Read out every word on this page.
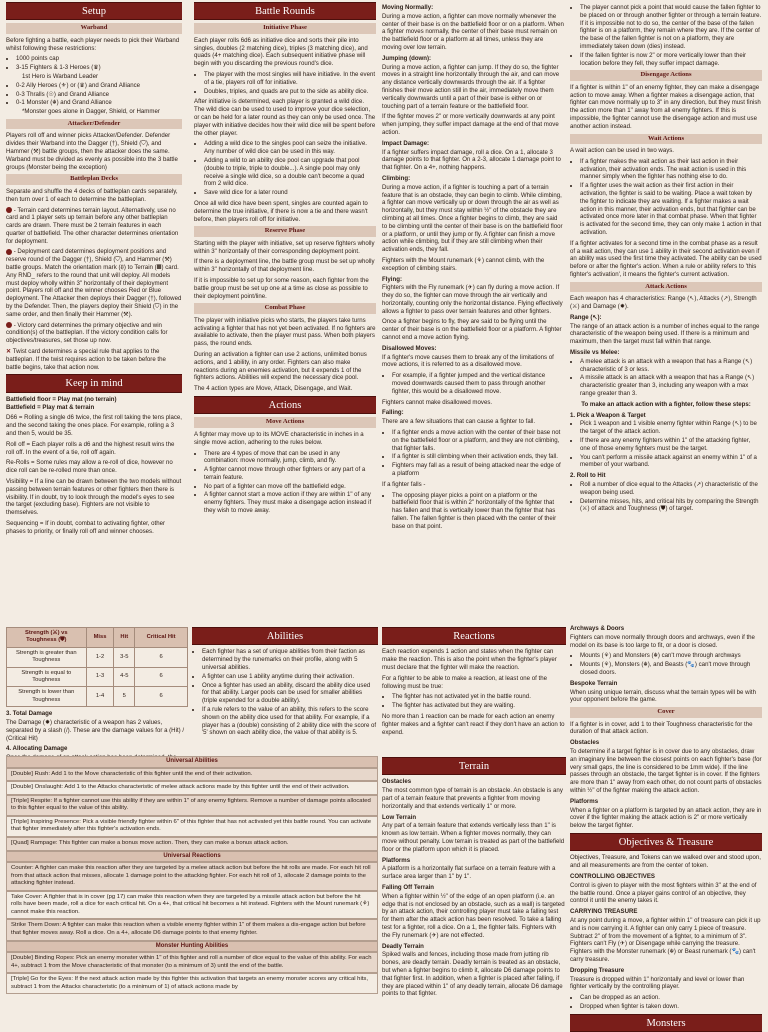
Setup
Warband

Before fighting a battle, each player needs to pick their Warband whilst following these restrictions:

• 1000 points cap
• 3-15 Fighters & 1-3 Heroes (♛)
1st Hero is Warband Leader
• 0-2 Ally Heroes (⚜) or (♛) and Grand Alliance
• 0-3 Thralls (☉) and Grand Alliance
• 0-1 Monster (☬) and Grand Alliance
*Monster goes alone in Dagger, Shield, or Hammer
Attacker/Defender

Players roll off and winner picks Attacker/Defender. Defender divides their Warband into the Dagger (†), Shield (⛉), and Hammer (⚒) battle groups, then the attacker does the same. Warband must be divided as evenly as possible into the 3 battle groups (Monster being the exception)

Battleplan Decks

Separate and shuffle the 4 decks of battleplan cards separately, then turn over 1 of each to determine the battleplan.

- Terrain card determines terrain layout. Alternatively, use no card and 1 player sets up terrain before any other battleplan cards are drawn. There must be 2 terrain features in each quarter of battlefield. The other character determines orientation for deployment.

- Deployment card determines deployment positions and reserve round of the Dagger (†), Shield (⛉), and Hammer (⚒) battle groups. Match the orientation mark (⇩) to Terrain (▦) card. Any RND_ refers to the round that unit will deploy. All models must deploy wholly within 3" horizontally of their deployment point. Players roll off and the winner chooses Red or Blue deployment. The Attacker then deploys their Dagger (†), followed by the Defender. Then, the players deploy their Shield (⛉) in the same order, and then finally their Hammer (⚒).

- Victory card determines the primary objective and win condition(s) of the battleplan. If the victory condition calls for objectives/treasures, set those up now.

✕ Twist card determines a special rule that applies to the battleplan. If the twist requires action to be taken before the battle begins, take that action now.

Keep in mind

Battlefield floor = Play mat (no terrain)

Battlefield = Play mat & terrain

D66 = Rolling a single d6 twice, the first roll taking the tens place, and the second taking the ones place. For example, rolling a 3 and then 5, would be 35.

Roll off = Each player rolls a d6 and the highest result wins the roll off. In the event of a tie, roll off again.

Re-Rolls = Some rules may allow a re-roll of dice, however no dice roll can be re-rolled more than once.

Visibility = If a line can be drawn between the two models without passing between terrain features or other fighters then there is visibility. If in doubt, try to look through the model's eyes to see the target (excluding base). Fighters are not visible to themselves.

Sequencing = If in doubt, combat to activating fighter, other phases to priority, or finally roll off and winner chooses.

Battle Rounds
Initiative Phase

Each player rolls 6d6 as initiative dice and sorts their pile into singles, doubles (2 matching dice), triples (3 matching dice), and quads (4+ matching dice). Each subsequent initiative phase will begin with you discarding the previous round's dice.

• The player with the most singles will have initiative. In the event of a tie, players roll off for initiative.
• Doubles, triples, and quads are put to the side as ability dice.

After initiative is determined, each player is granted a wild dice. The wild dice can be used to used to improve your dice selection, or can be held for a later round as they can only be used once. The player with initiative decides how their wild dice will be spent before the other player.

• Adding a wild dice to the singles pool can seize the initiative. Any number of wild dice can be used in this way.
• Adding a wild to an ability dice pool can upgrade that pool (double to triple, triple to double...). A single pool may only receive a single wild dice, so a double can't become a quad from 2 wild dice.
• Save wild dice for a later round

Once all wild dice have been spent, singles are counted again to determine the true initiative, if there is now a tie and there wasn't before, then players roll off for initiative.

Reserve Phase

Starting with the player with initiative, set up reserve fighters wholly within 3" horizontally of their corresponding deployment point.

If there is a deployment line, the battle group must be set up wholly within 3" horizontally of that deployment line.

If it is impossible to set up for some reason, each fighter from the battle group must be set up one at a time as close as possible to their deployment point/line.

Combat Phase

The player with initiative picks who starts, the players take turns activating a fighter that has not yet been activated. If no fighters are available to activate, then the player must pass. When both players pass, the round ends.

During an activation a fighter can use 2 actions, unlimited bonus actions, and 1 ability, in any order. Fighters can also make reactions during an enemies activation, but it expends 1 of the fighters actions. Abilities will expend the necessary dice pool.

The 4 action types are Move, Attack, Disengage, and Wait.

Actions
Move Actions

A fighter may move up to its MOVE characteristic in inches in a single move action, adhering to the rules below.

• There are 4 types of move that can be used in any combination: move normally, jump, climb, and fly.
• A fighter cannot move through other fighters or any part of a terrain feature.
• No part of a fighter can move off the battlefield edge.
• A fighter cannot start a move action if they are within 1" of any enemy fighters. They must make a disengage action instead if they wish to move away.
Moving Normally:

During a move action, a fighter can move normally whenever the center of their base is on the battlefield floor or on a platform. When a fighter moves normally, the center of their base must remain on the battlefield floor or a platform at all times, unless they are moving over low terrain.

Jumping (down):

During a move action, a fighter can jump. If they do so, the fighter moves in a straight line horizontally through the air, and can move any distance vertically downwards through the air. If a fighter finishes their move action still in the air, immediately move them vertically downwards until a part of their base is either on or touching part of a terrain feature or the battlefield floor.

If the fighter moves 2" or more vertically downwards at any point when jumping, they suffer impact damage at the end of that move action.

Impact Damage:

If a fighter suffers impact damage, roll a dice. On a 1, allocate 3 damage points to that fighter. On a 2-3, allocate 1 damage point to that fighter. On a 4+, nothing happens.

Climbing:

During a move action, if a fighter is touching a part of a terrain feature that is an obstacle, they can begin to climb. While climbing, a fighter can move vertically up or down through the air as well as horizontally, but they must stay within ½" of the obstacle they are climbing at all times. Once a fighter begins to climb, they are said to be climbing until the center of their base is on the battlefield floor or a platform, or until they jump or fly. A fighter can finish a move action while climbing, but if they are still climbing when their activation ends, they fall.

Fighters with the Mount runemark (⚘) cannot climb, with the exception of climbing stairs.

Flying:

Fighters with the Fly runemark (✈) can fly during a move action. If they do so, the fighter can move through the air vertically and horizontally, counting only the horizontal distance. Flying effectively allows a fighter to pass over terrain features and other fighters.

Once a fighter begins to fly, they are said to be flying until the center of their base is on the battlefield floor or a platform. A fighter cannot end a move action flying.

Disallowed Moves:

If a fighter's move causes them to break any of the limitations of move actions, it is referred to as a disallowed move.

• For example, if a fighter jumped and the vertical distance moved downwards caused them to pass through another fighter, this would be a disallowed move.

Fighters cannot make disallowed moves.

Falling:

There are a few situations that can cause a fighter to fall.

• If a fighter ends a move action with the center of their base not on the battlefield floor or a platform, and they are not climbing, that fighter falls.
• If a fighter is still climbing when their activation ends, they fall.
• Fighters may fall as a result of being attacked near the edge of a platform

If a fighter falls -

• The opposing player picks a point on a platform or the battlefield floor that is within 2" horizontally of the fighter that has fallen and that is vertically lower than the fighter that has fallen. The fallen fighter is then placed with the center of their base on that point.
• The player cannot pick a point that would cause the fallen fighter to be placed on or through another fighter or through a terrain feature. If it is impossible not to do so, the center of the base of the fallen fighter is on a platform, they remain where they are. If the center of the base of the fallen fighter is not on a platform, they are immediately taken down (dies) instead.
• If the fallen fighter is now 2" or more vertically lower than their location before they fell, they suffer impact damage.
Disengage Actions

If a fighter is within 1" of an enemy fighter, they can make a disengage action to move away. When a fighter makes a disengage action, that fighter can move normally up to 3" in any direction, but they must finish the action more than 1" away from all enemy fighters. If this is impossible, the fighter cannot use the disengage action and must use another action instead.

Wait Actions

A wait action can be used in two ways.

• If a fighter makes the wait action as their last action in their activation, their activation ends. The wait action is used in this manner simply when the fighter has nothing else to do.
• If a fighter uses the wait action as their first action in their activation, the fighter is said to be waiting. Place a wait token by the fighter to indicate they are waiting. If a fighter makes a wait action in this manner, their activation ends, but that fighter can be activated once more later in that combat phase. When that fighter is activated for the second time, they can only make 1 action in that activation.

If a fighter activates for a second time in the combat phase as a result of a wait action, they can use 1 ability in their second activation even if an ability was used the first time they activated. The ability can be used before or after the fighter's action. When a rule or ability refers to 'this fighter's activation', it means the fighter's current activation.

Attack Actions

Each weapon has 4 characteristics: Range (↖), Attacks (↗), Strength (⚔) and Damage (✸).

Range (↖):

The range of an attack action is a number of inches equal to the range characteristic of the weapon being used. If there is a minimum and maximum, then the target must fall within that range.

Missile vs Melee:
• A melee attack is an attack with a weapon that has a Range (↖) characteristic of 3 or less.
• A missile attack is an attack with a weapon that has a Range (↖) characteristic greater than 3, including any weapon with a max range greater than 3.
To make an attack action with a fighter, follow these steps:
1. Pick a Weapon & Target
• Pick 1 weapon and 1 visible enemy fighter within Range (↖) to be the target of the attack action.
• If there are any enemy fighters within 1" of the attacking fighter, one of those enemy fighters must be the target.
• You can't perform a missile attack against an enemy within 1" of a member of your warband.
2. Roll to Hit
• Roll a number of dice equal to the Attacks (↗) characteristic of the weapon being used.
• Determine misses, hits, and critical hits by comparing the Strength (⚔) of attack and Toughness (⛊) of target.
Strength (⚔) vs Toughness (⛊)	Miss	Hit	Critical Hit
Strength is greater than Toughness	1-2	3-5	6
Strength is equal to Toughness	1-3	4-5	6
Strength is lower than Toughness	1-4	5	6
3. Total Damage

The Damage (✸) characteristic of a weapon has 2 values, separated by a slash (/). These are the damage values for a (Hit) / (Critical Hit)

4. Allocating Damage

Abilities
• Each fighter has a set of unique abilities from their faction as determined by the runemarks on their profile, along with 5 universal abilities.
• A fighter can use 1 ability anytime during their activation.
• Once a fighter has used an ability, discard the ability dice used for that ability. Larger pools can be used for smaller abilities (triple expended for a double ability).
• If a rule refers to the value of an ability, this refers to the score shown on the ability dice used for that ability. For example, if a player has a (double) consisting of 2 ability dice with the score of '5' shown on each ability dice, the value of that ability is 5.
Reactions

Each reaction expends 1 action and states when the fighter can make the reaction. This is also the point when the fighter's player must declare that the fighter will make the reaction.

For a fighter to be able to make a reaction, at least one of the following must be true:

• The fighter has not activated yet in the battle round.
• The fighter has activated but they are waiting.

No more than 1 reaction can be made for each action an enemy fighter makes and a fighter can't react if they don't have an action to expend.

Universal Abilities
[Double] Rush: Add 1 to the Move characteristic of this fighter until the end of their activation.
[Double] Onslaught: Add 1 to the Attacks characteristic of melee attack actions made by this fighter until the end of their activation.
[Triple] Respite: If a fighter cannot use this ability if they are within 1" of any enemy fighters. Remove a number of damage points allocated to this fighter equal to the value of this ability.
[Triple] Inspiring Presence: Pick a visible friendly fighter within 6" of this fighter that has not activated yet this battle round. You can activate that fighter immediately after this fighter's activation ends.
[Quad] Rampage: This fighter can make a bonus move action. Then, they can make a bonus attack action.
Universal Reactions
Counter: A fighter can make this reaction after they are targeted by a melee attack action but before the hit rolls are made. For each hit roll from that attack action that misses, allocate 1 damage point to the attacking fighter. For each hit roll of 1, allocate 2 damage points to the attacking fighter instead.
Take Cover: A fighter that is in cover (pg 17) can make this reaction when they are targeted by a missile attack action but before the hit rolls have been made, roll a dice for each critical hit. On a 4+, that critical hit becomes a hit instead. Fighters with the Mount runemark (⚘) cannot make this reaction.
Strike Them Down: A fighter can make this reaction when a visible enemy fighter within 1" of them makes a dis-engage action but before that fighter moves away. Roll a dice. On a 4+, allocate D6 damage points to that enemy fighter.
Monster Hunting Abilities
[Double] Binding Ropes: Pick an enemy monster within 1" of this fighter and roll a number of dice equal to the value of this ability. For each 4+, subtract 1 from the Move characteristic of that monster (to a minimum of 3) until the end of the battle.
[Triple] Go for the Eyes: If the next attack action made by this fighter this activation that targets an enemy monster scores any critical hits, subtract 1 from the Attacks characteristic (to a minimum of 1) of attack actions made by
Terrain
Obstacles

The most common type of terrain is an obstacle. An obstacle is any part of a terrain feature that prevents a fighter from moving horizontally and that extends vertically 1" or more.

Low Terrain

Any part of a terrain feature that extends vertically less than 1" is known as low terrain. When a fighter moves normally, they can move without penalty. Low terrain is treated as part of the battlefield floor or the platform upon which it is placed.

Platforms

A platform is a horizontally flat surface on a terrain feature with a surface area larger than 1" by 1".

Falling Off Terrain

When a fighter within ½" of the edge of an open platform (i.e. an edge that is not enclosed by an obstacle, such as a wall) is targeted by an attack action, their controlling player must take a falling test for them after the attack action has been resolved. To take a falling test for a fighter, roll a dice. On a 1, the fighter falls. Fighters with the Fly runemark (✈) are not effected.

Deadly Terrain

Spiked walls and fences, including those made from jutting rib bones, are deadly terrain. Deadly terrain is treated as an obstacle, but when a fighter begins to climb it, allocate D6 damage points to that fighter first. In addition, when a fighter is placed after falling, if they are placed within 1" of any deadly terrain, allocate D6 damage points to that fighter.

Archways & Doors

Fighters can move normally through doors and archways, even if the model on its base is too large to fit, or a door is closed.

• Mounts (⚘) and Monsters (☬) can't move through archways
• Mounts (⚘), Monsters (☬), and Beasts (🐾) can't move through closed doors.
Bespoke Terrain

When using unique terrain, discuss what the terrain types will be with your opponent before the game.

Cover

If a fighter is in cover, add 1 to their Toughness characteristic for the duration of that attack action.

Obstacles

To determine if a target fighter is in cover due to any obstacles, draw an imaginary line between the closest points on each fighter's base (for very small gaps, the line is considered to be 1mm wide). If the line passes through an obstacle, the target fighter is in cover. If the fighters are more than 1" away from each other, do not count parts of obstacles within ½" of the fighter making the attack action.

Platforms

When a fighter on a platform is targeted by an attack action, they are in cover if the fighter making the attack action is 2" or more vertically below the target fighter.

Objectives & Treasure

Objectives, Treasure, and Tokens can we walked over and stood upon, and all measurements are from the center of token.

CONTROLLING OBJECTIVES

Control is given to player with the most fighters within 3" at the end of the battle round. Once a player gains control of an objective, they control it until the enemy takes it.

CARRYING TREASURE

At any point during a move, a fighter within 1" of treasure can pick it up and is now carrying it. A fighter can only carry 1 piece of treasure. Subtract 2" of from the movement of a fighter, to a minimum of 3". Fighters can't Fly (✈) or Disengage while carrying the treasure. Fighters with the Monster runemark (☬) or Beast runemark (🐾) can't carry treasure.

Dropping Treasure

Treasure is dropped within 1" horizontally and level or lower than fighter vertically by the controlling player.

• Can be dropped as an action.
• Dropped when fighter is taken down.
Monsters
